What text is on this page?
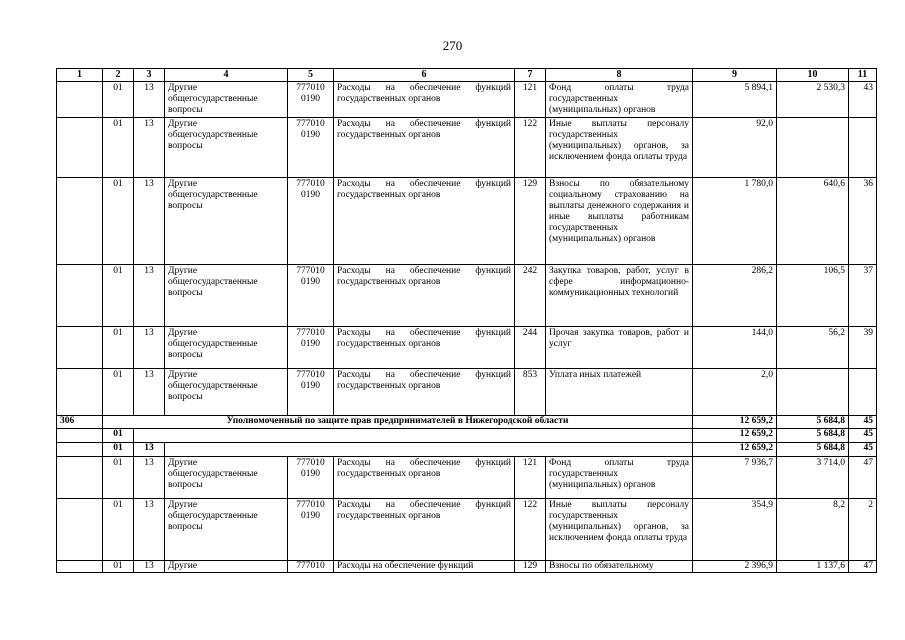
270
1	2	3	4	5	6	7	8	9	10	11
	01	13	Другие общегосударственные вопросы	777010 0190	Расходы на обеспечение функций государственных органов	121	Фонд оплаты труда государственных (муниципальных) органов	5 894,1	2 530,3	43
	01	13	Другие общегосударственные вопросы	777010 0190	Расходы на обеспечение функций государственных органов	122	Иные выплаты персоналу государственных (муниципальных) органов, за исключением фонда оплаты труда	92,0		
	01	13	Другие общегосударственные вопросы	777010 0190	Расходы на обеспечение функций государственных органов	129	Взносы по обязательному социальному страхованию на выплаты денежного содержания и иные выплаты работникам государственных (муниципальных) органов	1 780,0	640,6	36
	01	13	Другие общегосударственные вопросы	777010 0190	Расходы на обеспечение функций государственных органов	242	Закупка товаров, работ, услуг в сфере информационно-коммуникационных технологий	286,2	106,5	37
	01	13	Другие общегосударственные вопросы	777010 0190	Расходы на обеспечение функций государственных органов	244	Прочая закупка товаров, работ и услуг	144,0	56,2	39
	01	13	Другие общегосударственные вопросы	777010 0190	Расходы на обеспечение функций государственных органов	853	Уплата иных платежей	2,0		
306	Уполномоченный по защите прав предпринимателей в Нижегородской области							12 659,2	5 684,8	45
	01							12 659,2	5 684,8	45
	01	13						12 659,2	5 684,8	45
	01	13	Другие общегосударственные вопросы	777010 0190	Расходы на обеспечение функций государственных органов	121	Фонд оплаты труда государственных (муниципальных) органов	7 936,7	3 714,0	47
	01	13	Другие общегосударственные вопросы	777010 0190	Расходы на обеспечение функций государственных органов	122	Иные выплаты персоналу государственных (муниципальных) органов, за исключением фонда оплаты труда	354,9	8,2	2
	01	13	Другие	777010	Расходы на обеспечение функций	129	Взносы по обязательному	2 396,9	1 137,6	47
